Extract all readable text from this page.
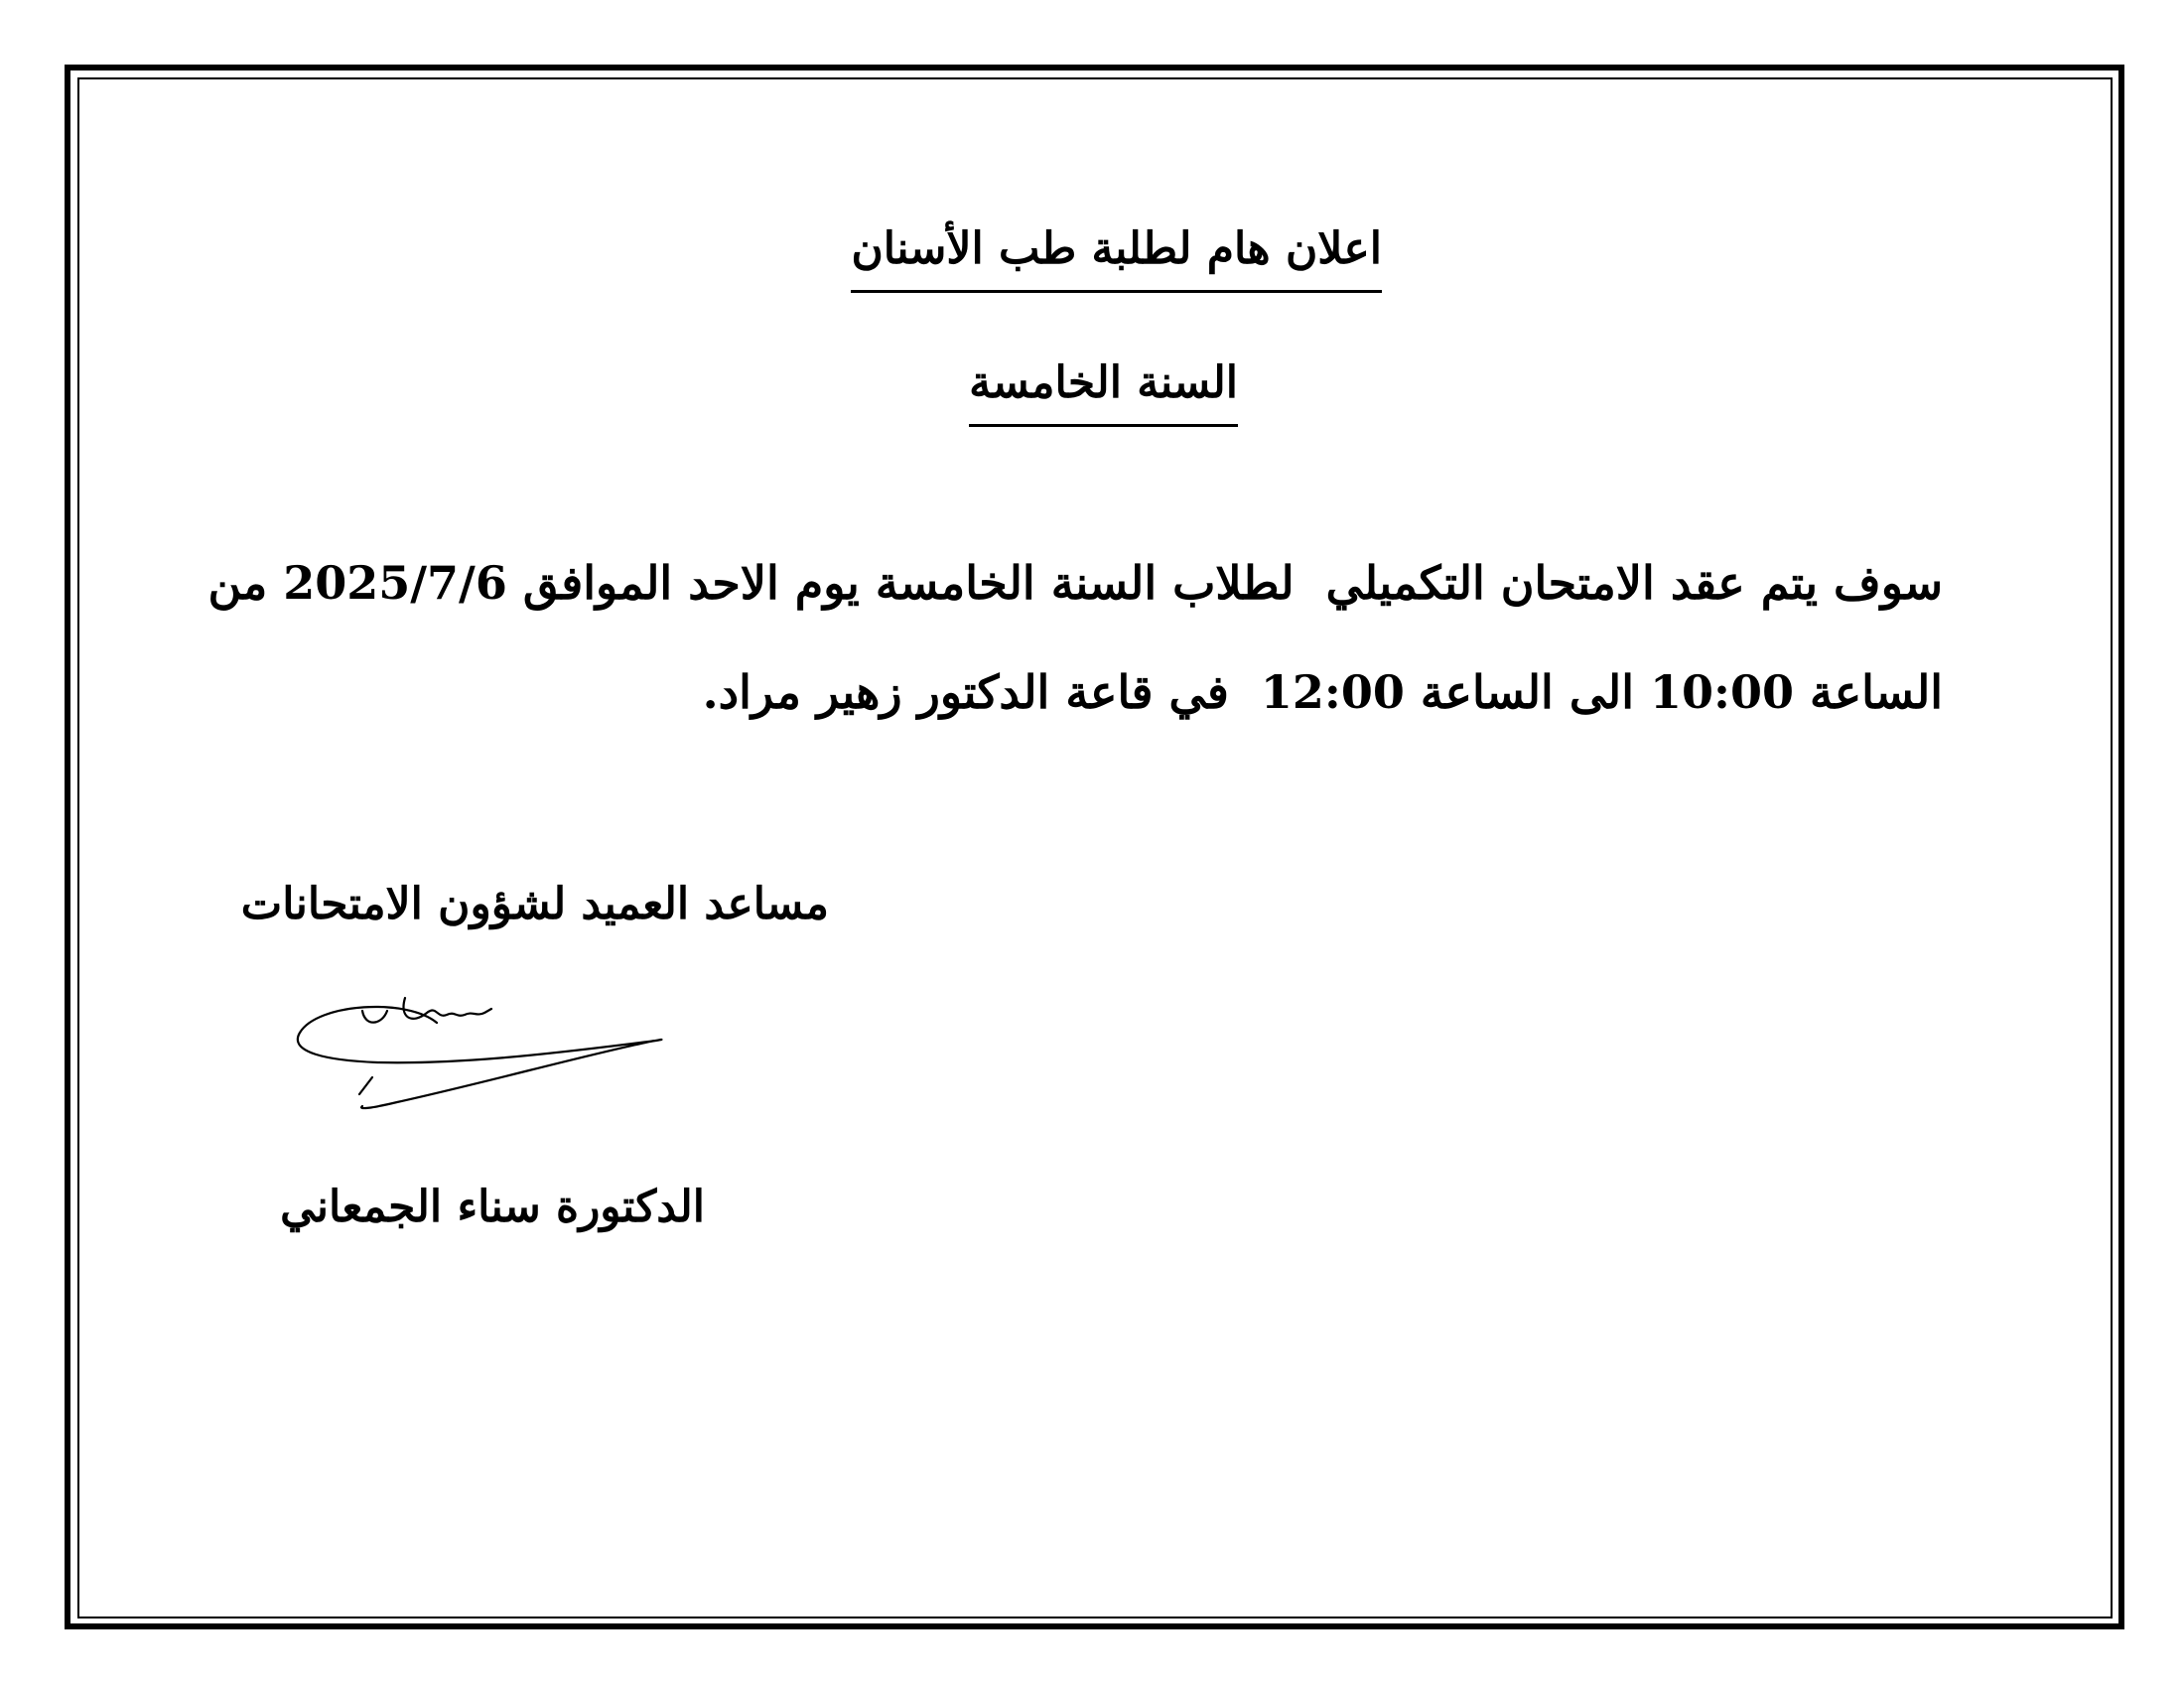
اعلان هام لطلبة طب الأسنان
السنة الخامسة
سوف يتم عقد الامتحان التكميلي  لطلاب السنة الخامسة يوم الاحد الموافق 2025/7/6 من
الساعة 10:00 الى الساعة 12:00  في قاعة الدكتور زهير مراد.
مساعد العميد لشؤون الامتحانات
الدكتورة سناء الجمعاني
